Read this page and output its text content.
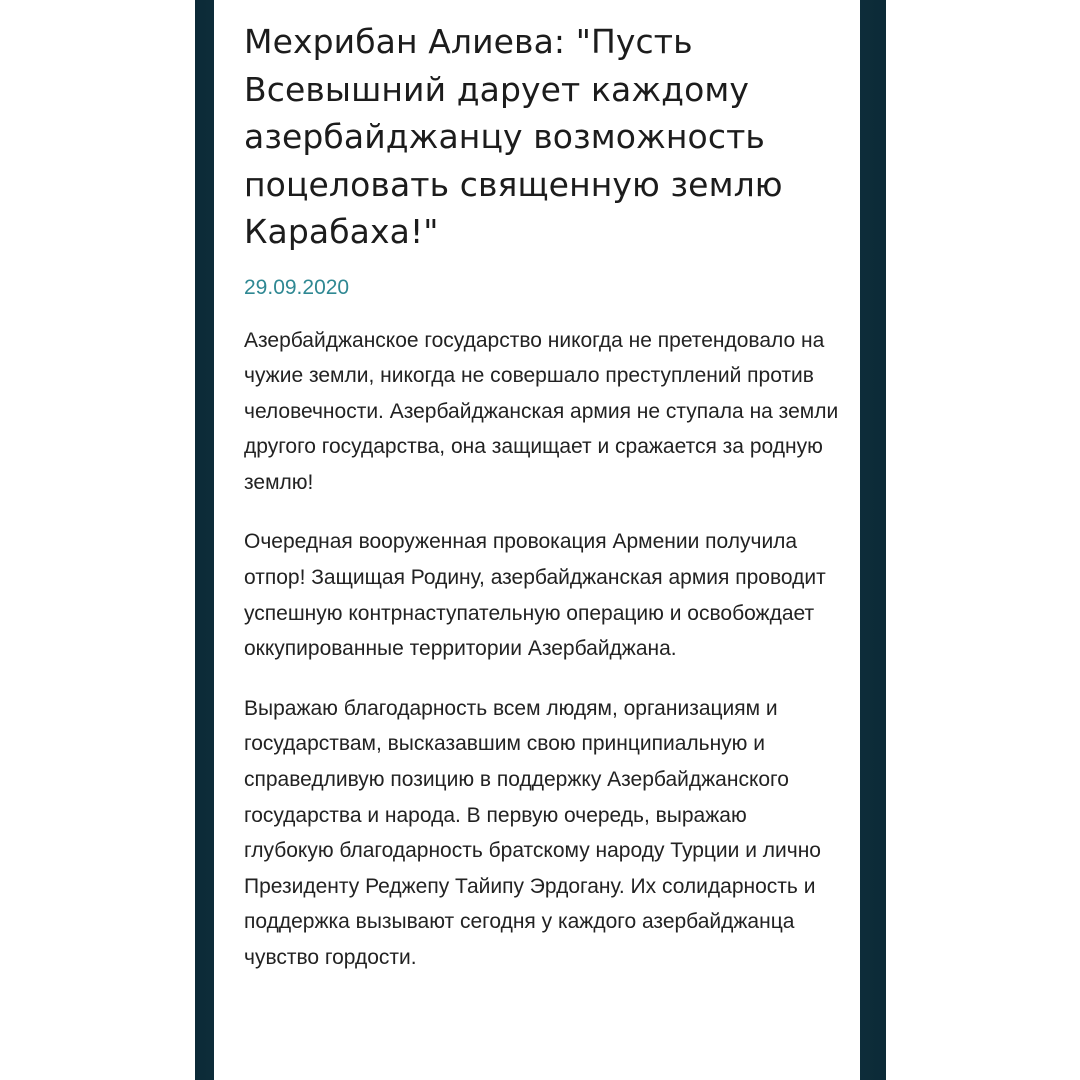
Мехрибан Алиева: "Пусть Всевышний дарует каждому азербайджанцу возможность поцеловать священную землю Карабаха!"
29.09.2020

Азербайджанское государство никогда не претендовало на чужие земли, никогда не совершало преступлений против человечности. Азербайджанская армия не ступала на земли другого государства, она защищает и сражается за родную землю!

Очередная вооруженная провокация Армении получила отпор! Защищая Родину, азербайджанская армия проводит успешную контрнаступательную операцию и освобождает оккупированные территории Азербайджана.

Выражаю благодарность всем людям, организациям и государствам, высказавшим свою принципиальную и справедливую позицию в поддержку Азербайджанского государства и народа. В первую очередь, выражаю глубокую благодарность братскому народу Турции и лично Президенту Реджепу Тайипу Эрдогану. Их солидарность и поддержка вызывают сегодня у каждого азербайджанца чувство гордости.
